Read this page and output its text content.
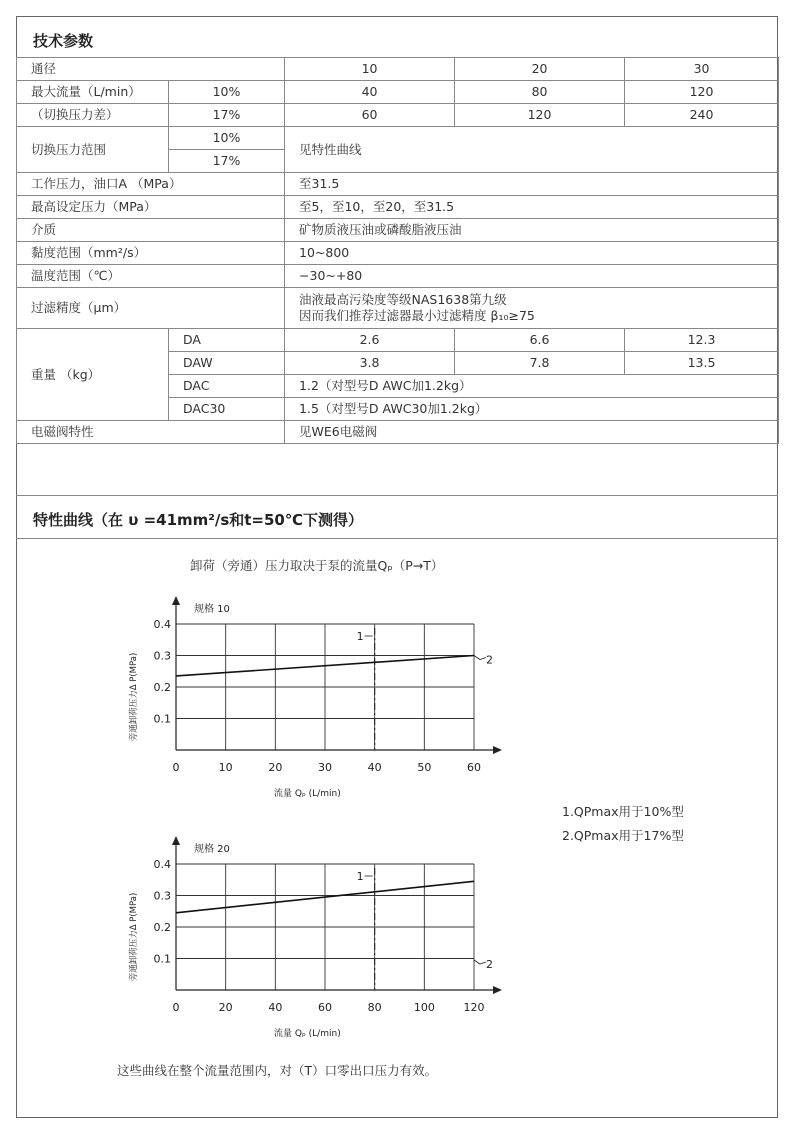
技术参数
通径		10	20	30
最大流量（L/min）	10%	40	80	120
（切换压力差）	17%	60	120	240
切换压力范围	10%	见特性曲线		
	17%			
工作压力，油口A （MPa）		至31.5		
最高设定压力（MPa）		至5，至10，至20，至31.5		
介质		矿物质液压油或磷酸脂液压油		
黏度范围（mm²/s）		10~800		
温度范围（℃）		−30~+80		
过滤精度（μm）		油液最高污染度等级NAS1638第九级
因而我们推荐过滤器最小过滤精度 β₁₀≥75		

重量 （kg）	DA	2.6	6.6	12.3
	DAW	3.8	7.8	13.5
	DAC	1.2（对型号D AWC加1.2kg）		
	DAC30	1.5（对型号D AWC30加1.2kg）		
电磁阀特性		见WE6电磁阀		
特性曲线（在 υ =41mm²/s和t=50℃下测得）
卸荷（旁通）压力取决于泵的流量Qₚ（P→T）
规格 10
0	10	20	30	40	50	60
0.1
0.2
0.3
0.4
流量 Qₚ (L/min)
旁通卸荷压力Δ P(MPa)
1
2
规格 20
0	20	40	60	80	100	120
0.1
0.2
0.3
0.4
流量 Qₚ (L/min)
旁通卸荷压力Δ P(MPa)
1
2
1.QPmax用于10%型
2.QPmax用于17%型
这些曲线在整个流量范围内，对（T）口零出口压力有效。
